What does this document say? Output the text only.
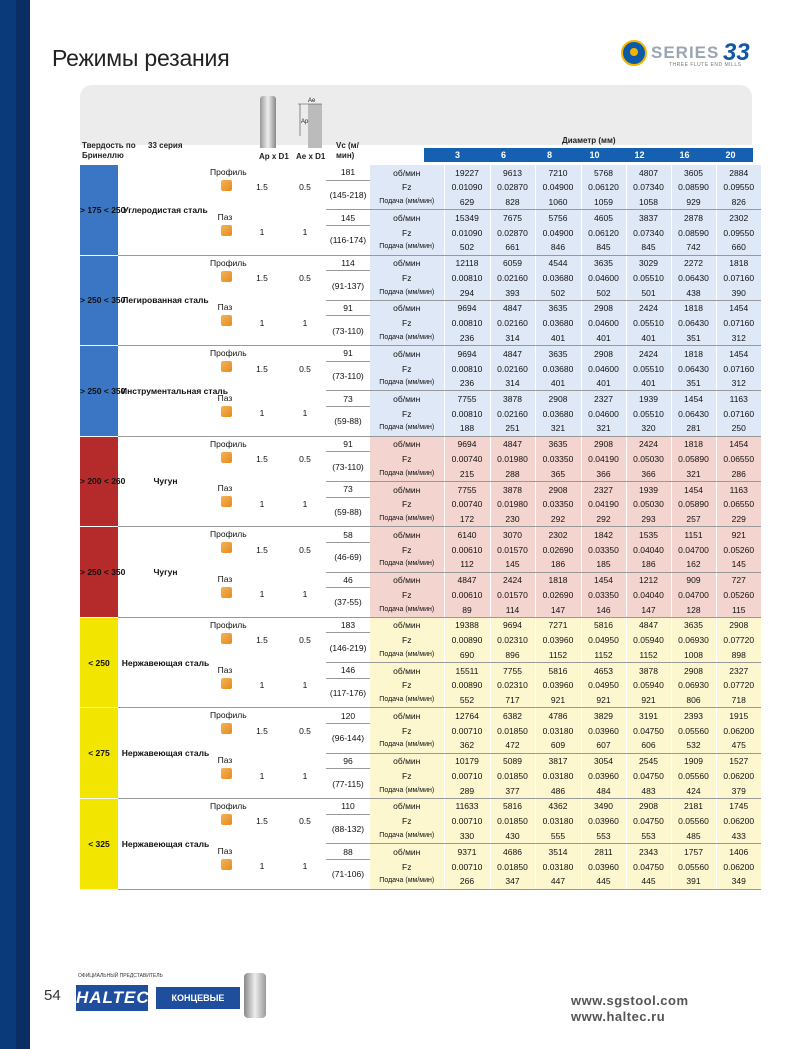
Режимы резания	SERIES 33
THREE FLUTE END MILLS
Твердость по Бринеллю
33 серия
Ap
Ae
Ap x D1 Ae x D1
Vc (м/мин)
Диаметр (мм)
3	6	8	10	12	16	20
> 175 < 250	Углеродистая сталь	Профиль	1.5	0.5	181	об/мин	19227	9613	7210	5768	4807	3605	2884
					(145-218)	Fz	0.01090	0.02870	0.04900	0.06120	0.07340	0.08590	0.09550
						Подача (мм/мин)	629	828	1060	1059	1058	929	826

		Паз	1	1	145	об/мин	15349	7675	5756	4605	3837	2878	2302
					(116-174)	Fz	0.01090	0.02870	0.04900	0.06120	0.07340	0.08590	0.09550
						Подача (мм/мин)	502	661	846	845	845	742	660
> 250 < 350	Легированная сталь	Профиль	1.5	0.5	114	об/мин	12118	6059	4544	3635	3029	2272	1818
					(91-137)	Fz	0.00810	0.02160	0.03680	0.04600	0.05510	0.06430	0.07160
						Подача (мм/мин)	294	393	502	502	501	438	390

		Паз	1	1	91	об/мин	9694	4847	3635	2908	2424	1818	1454
					(73-110)	Fz	0.00810	0.02160	0.03680	0.04600	0.05510	0.06430	0.07160
						Подача (мм/мин)	236	314	401	401	401	351	312
> 250 < 350	Инструментальная сталь	Профиль	1.5	0.5	91	об/мин	9694	4847	3635	2908	2424	1818	1454
					(73-110)	Fz	0.00810	0.02160	0.03680	0.04600	0.05510	0.06430	0.07160
						Подача (мм/мин)	236	314	401	401	401	351	312

		Паз	1	1	73	об/мин	7755	3878	2908	2327	1939	1454	1163
					(59-88)	Fz	0.00810	0.02160	0.03680	0.04600	0.05510	0.06430	0.07160
						Подача (мм/мин)	188	251	321	321	320	281	250
> 200 < 260	Чугун	Профиль	1.5	0.5	91	об/мин	9694	4847	3635	2908	2424	1818	1454
					(73-110)	Fz	0.00740	0.01980	0.03350	0.04190	0.05030	0.05890	0.06550
						Подача (мм/мин)	215	288	365	366	366	321	286

		Паз	1	1	73	об/мин	7755	3878	2908	2327	1939	1454	1163
					(59-88)	Fz	0.00740	0.01980	0.03350	0.04190	0.05030	0.05890	0.06550
						Подача (мм/мин)	172	230	292	292	293	257	229
> 250 < 350	Чугун	Профиль	1.5	0.5	58	об/мин	6140	3070	2302	1842	1535	1151	921
					(46-69)	Fz	0.00610	0.01570	0.02690	0.03350	0.04040	0.04700	0.05260
						Подача (мм/мин)	112	145	186	185	186	162	145

		Паз	1	1	46	об/мин	4847	2424	1818	1454	1212	909	727
					(37-55)	Fz	0.00610	0.01570	0.02690	0.03350	0.04040	0.04700	0.05260
						Подача (мм/мин)	89	114	147	146	147	128	115
< 250	Нержавеющая сталь	Профиль	1.5	0.5	183	об/мин	19388	9694	7271	5816	4847	3635	2908
					(146-219)	Fz	0.00890	0.02310	0.03960	0.04950	0.05940	0.06930	0.07720
						Подача (мм/мин)	690	896	1152	1152	1152	1008	898

		Паз	1	1	146	об/мин	15511	7755	5816	4653	3878	2908	2327
					(117-176)	Fz	0.00890	0.02310	0.03960	0.04950	0.05940	0.06930	0.07720
						Подача (мм/мин)	552	717	921	921	921	806	718
< 275	Нержавеющая сталь	Профиль	1.5	0.5	120	об/мин	12764	6382	4786	3829	3191	2393	1915
					(96-144)	Fz	0.00710	0.01850	0.03180	0.03960	0.04750	0.05560	0.06200
						Подача (мм/мин)	362	472	609	607	606	532	475

		Паз	1	1	96	об/мин	10179	5089	3817	3054	2545	1909	1527
					(77-115)	Fz	0.00710	0.01850	0.03180	0.03960	0.04750	0.05560	0.06200
						Подача (мм/мин)	289	377	486	484	483	424	379
< 325	Нержавеющая сталь	Профиль	1.5	0.5	110	об/мин	11633	5816	4362	3490	2908	2181	1745
					(88-132)	Fz	0.00710	0.01850	0.03180	0.03960	0.04750	0.05560	0.06200
						Подача (мм/мин)	330	430	555	553	553	485	433

		Паз	1	1	88	об/мин	9371	4686	3514	2811	2343	1757	1406
					(71-106)	Fz	0.00710	0.01850	0.03180	0.03960	0.04750	0.05560	0.06200
						Подача (мм/мин)	266	347	447	445	445	391	349
54
ОФИЦИАЛЬНЫЙ ПРЕДСТАВИТЕЛЬ
HALTEC	КОНЦЕВЫЕ ФРЕЗЫ
www.sgstool.com
www.haltec.ru
